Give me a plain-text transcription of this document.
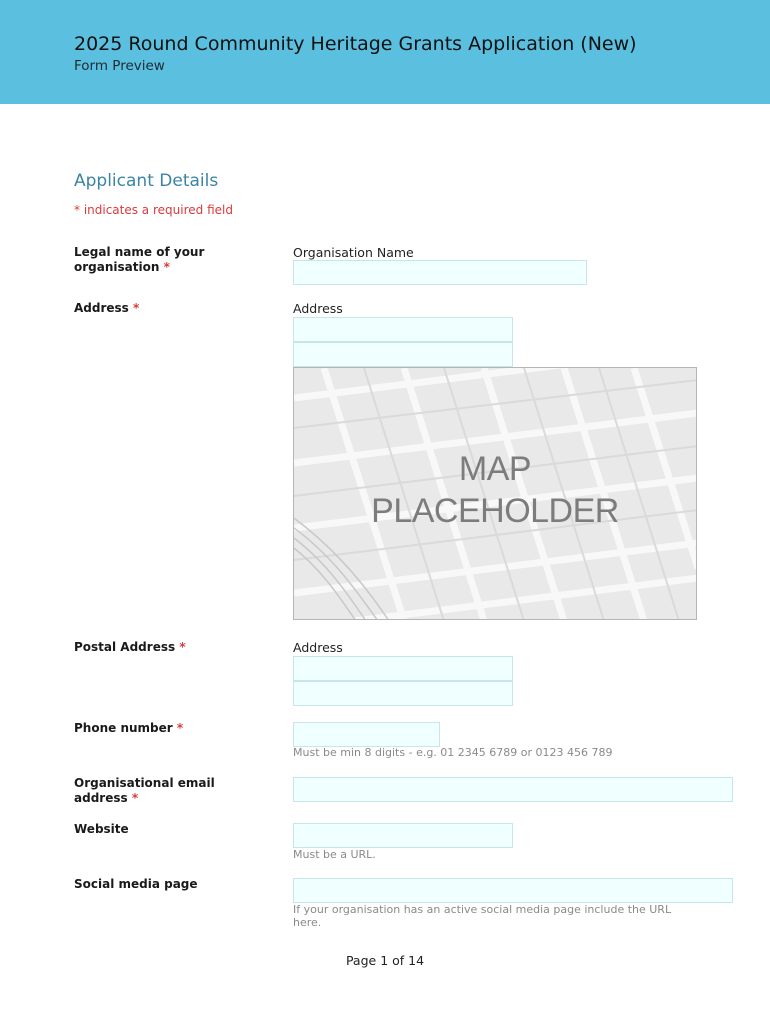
2025 Round Community Heritage Grants Application (New)
Form Preview
Applicant Details
* indicates a required field
Legal name of your organisation *
Organisation Name
Address *	Address
MAP
PLACEHOLDER
Postal Address *	Address
Phone number *
Must be min 8 digits - e.g. 01 2345 6789 or 0123 456 789
Organisational email address *
Website
Must be a URL.
Social media page
If your organisation has an active social media page include the URL here.
Page 1 of 14
